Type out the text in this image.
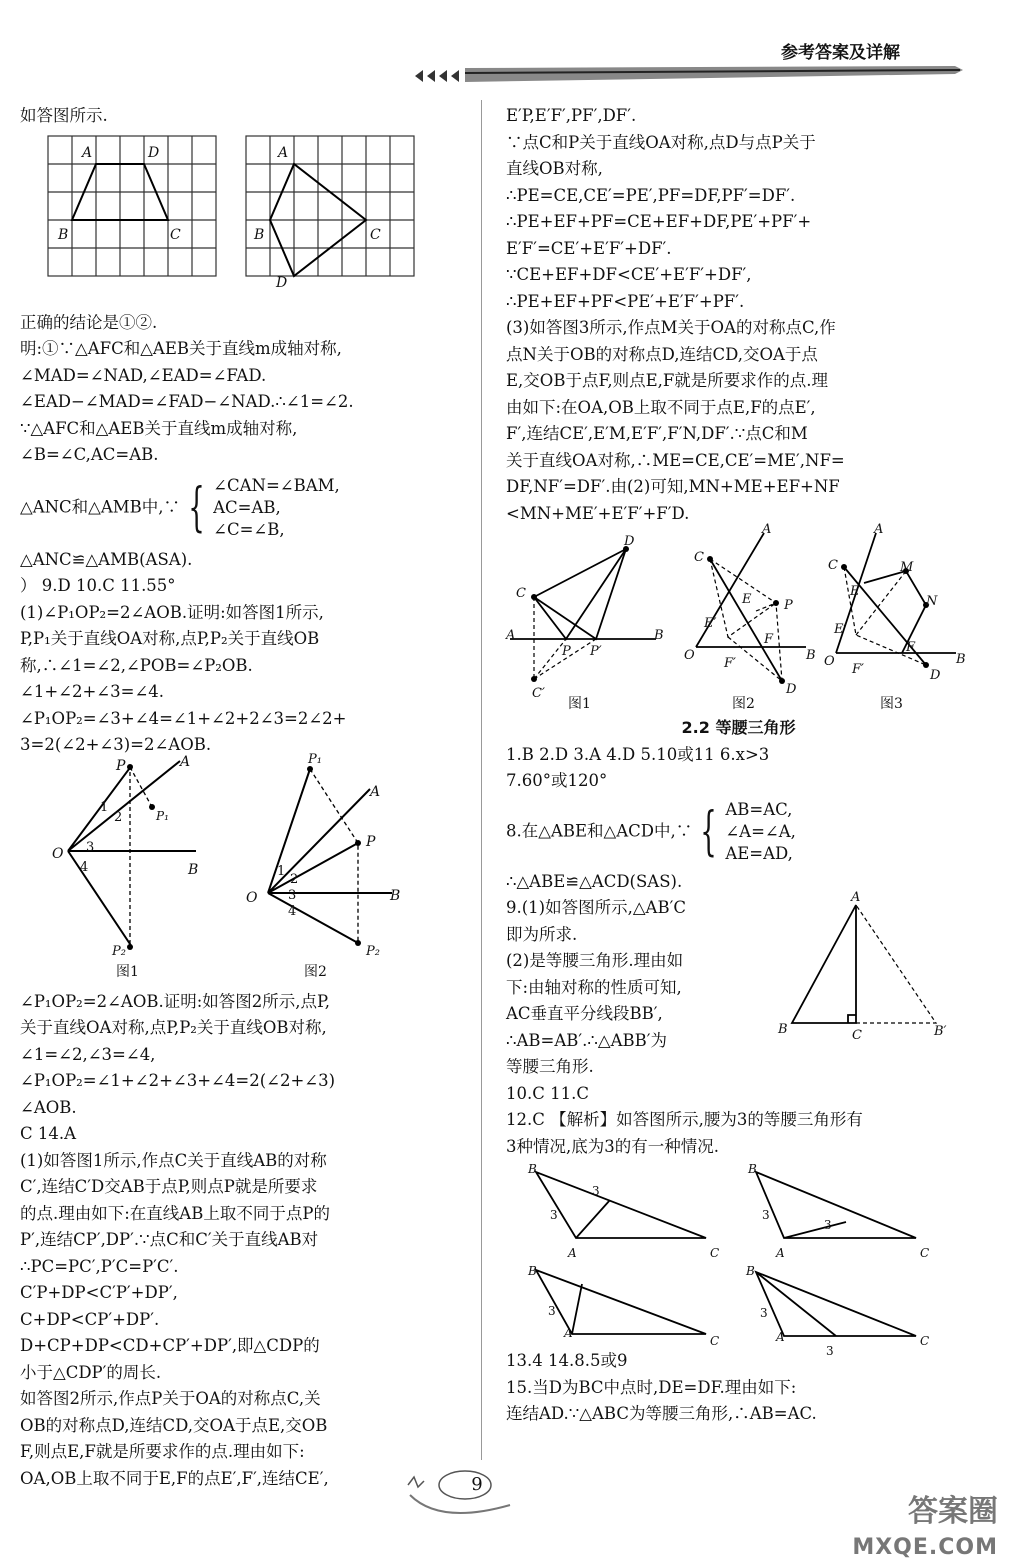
参考答案及详解
如答图所示.
A	D
B	C
A
B	C
D
正确的结论是①②.
明:①∵△AFC和△AEB关于直线m成轴对称,
∠MAD=∠NAD,∠EAD=∠FAD.
∠EAD−∠MAD=∠FAD−∠NAD.∴∠1=∠2.
∵△AFC和△AEB关于直线m成轴对称,
∠B=∠C,AC=AB.
△ANC和△AMB中,∵ { ∠CAN=∠BAM,
AC=AB,
∠C=∠B,
△ANC≌△AMB(ASA).
） 9.D 10.C 11.55°
(1)∠P₁OP₂=2∠AOB.证明:如答图1所示,
P,P₁关于直线OA对称,点P,P₂关于直线OB
称,∴∠1=∠2,∠POB=∠P₂OB.
∠1+∠2+∠3=∠4.
∠P₁OP₂=∠3+∠4=∠1+∠2+2∠3=2∠2+
3=2(∠2+∠3)=2∠AOB.
P	A
P₁
1
2
O 3
4	B
P₂
P₁
A
P
1
2
O 3
4
B
P₂
图1	图2
∠P₁OP₂=2∠AOB.证明:如答图2所示,点P,
关于直线OA对称,点P,P₂关于直线OB对称,
∠1=∠2,∠3=∠4,
∠P₁OP₂=∠1+∠2+∠3+∠4=2(∠2+∠3)
∠AOB.
C 14.A
(1)如答图1所示,作点C关于直线AB的对称
C′,连结C′D交AB于点P,则点P就是所要求
的点.理由如下:在直线AB上取不同于点P的
P′,连结CP′,DP′.∵点C和C′关于直线AB对
∴PC=PC′,P′C=P′C′.
C′P+DP<C′P′+DP′,
C+DP<CP′+DP′.
D+CP+DP<CD+CP′+DP′,即△CDP的
小于△CDP′的周长.
如答图2所示,作点P关于OA的对称点C,关
OB的对称点D,连结CD,交OA于点E,交OB
F,则点E,F就是所要求作的点.理由如下:
OA,OB上取不同于E,F的点E′,F′,连结CE′,
E′P,E′F′,PF′,DF′.
∵点C和P关于直线OA对称,点D与点P关于
直线OB对称,
∴PE=CE,CE′=PE′,PF=DF,PF′=DF′.
∴PE+EF+PF=CE+EF+DF,PE′+PF′+
E′F′=CE′+E′F′+DF′.
∵CE+EF+DF<CE′+E′F′+DF′,
∴PE+EF+PF<PE′+E′F′+PF′.
(3)如答图3所示,作点M关于OA的对称点C,作
点N关于OB的对称点D,连结CD,交OA于点
E,交OB于点F,则点E,F就是所要求作的点.理
由如下:在OA,OB上取不同于点E,F的点E′,
F′,连结CE′,E′M,E′F′,F′N,DF′.∵点C和M
关于直线OA对称,∴ME=CE,CE′=ME′,NF=
DF,NF′=DF′.由(2)可知,MN+ME+EF+NF
<MN+ME′+E′F′+F′D.
D
C
A
P P′
B
C′
A
C
E
E′
P
O
F′
F
B
D
A
C	M
E
E′
N
O
F′
F
B
D
图1	图2	图3
2.2 等腰三角形
1.B 2.D 3.A 4.D 5.10或11 6.x>3
7.60°或120°
8.在△ABE和△ACD中,∵ { AB=AC,
∠A=∠A,
AE=AD,
∴△ABE≌△ACD(SAS).
9.(1)如答图所示,△AB′C
即为所求.
(2)是等腰三角形.理由如
下:由轴对称的性质可知,
AC垂直平分线段BB′,
∴AB=AB′.∴△ABB′为
等腰三角形.
A
B	C	B′
10.C 11.C
12.C 【解析】如答图所示,腰为3的等腰三角形有
3种情况,底为3的有一种情况.
B
3
3
A	C
B
3
3
A	C
B
3
A
C
B
3
A
3
C
13.4 14.8.5或9
15.当D为BC中点时,DE=DF.理由如下:
连结AD.∵△ABC为等腰三角形,∴AB=AC.
9
答案圈
MXQE.COM
